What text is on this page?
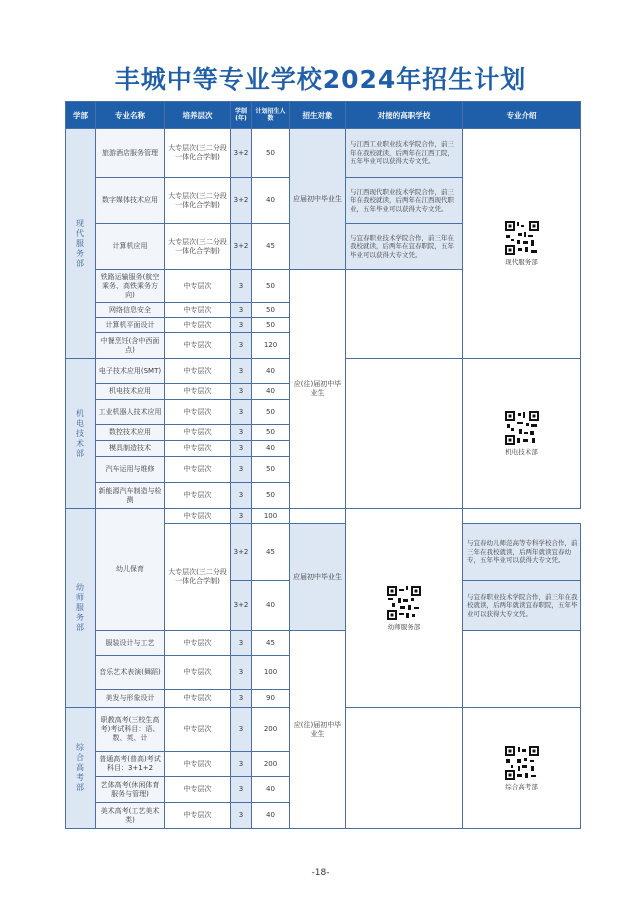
丰城中等专业学校2024年招生计划
学部	专业名称	培养层次	学制(年)	计划招生人数	招生对象	对接的高职学校	专业介绍
现代服务部	旅游酒店服务管理	大专层次(三二分段一体化合学制)	3+2	50	应届初中毕业生	与江西工业职业技术学院合作，前三年在我校就读，后两年在江西工院，五年毕业可以获得大专文凭。	现代服务部

	数字媒体技术应用	大专层次(三二分段一体化合学制)	3+2	40		与江西现代职业技术学院合作，前三年在我校就读，后两年在江西现代职业，五年毕业可以获得大专文凭。	
	计算机应用	大专层次(三二分段一体化合学制)	3+2	45		与宜春职业技术学院合作，前三年在我校就读，后两年在宜春职院，五年毕业可以获得大专文凭。	
	铁路运输服务(航空乘务、高铁乘务方向)	中专层次	3	50	应(往)届初中毕业生		
	网络信息安全	中专层次	3	50			
	计算机平面设计	中专层次	3	50			
	中餐烹饪(含中西面点)	中专层次	3	120			
机电技术部	电子技术应用(SMT)	中专层次	3	40			机电技术部

	机电技术应用	中专层次	3	40			
	工业机器人技术应用	中专层次	3	50			
	数控技术应用	中专层次	3	50			
	模具制造技术	中专层次	3	40			
	汽车运用与维修	中专层次	3	50			
	新能源汽车制造与检测	中专层次	3	50			
幼师服务部	幼儿保育	中专层次	3	100		幼师服务部	

		大专层次(三二分段一体化合学制)	3+2	45	应届初中毕业生		与宜春幼儿师范高等专科学校合作，前三年在我校就读，后两年就读宜春幼专，五年毕业可以获得大专文凭。
			3+2	40			与宜春职业技术学院合作，前三年在我校就读，后两年就读宜春职院，五年毕业可以获得大专文凭。
	服装设计与工艺	中专层次	3	45	应(往)届初中毕业生		
	音乐艺术表演(舞蹈)	中专层次	3	100			
	美发与形象设计	中专层次	3	90			
综合高考部	职教高考(三校生高考)考试科目：语、数、英、计	中专层次	3	200			综合高考部

	普通高考(普高)考试科目：3+1+2	中专层次	3	200			
	艺体高考(休闲体育服务与管理)	中专层次	3	40			
	美术高考(工艺美术类)	中专层次	3	40			
-18-
